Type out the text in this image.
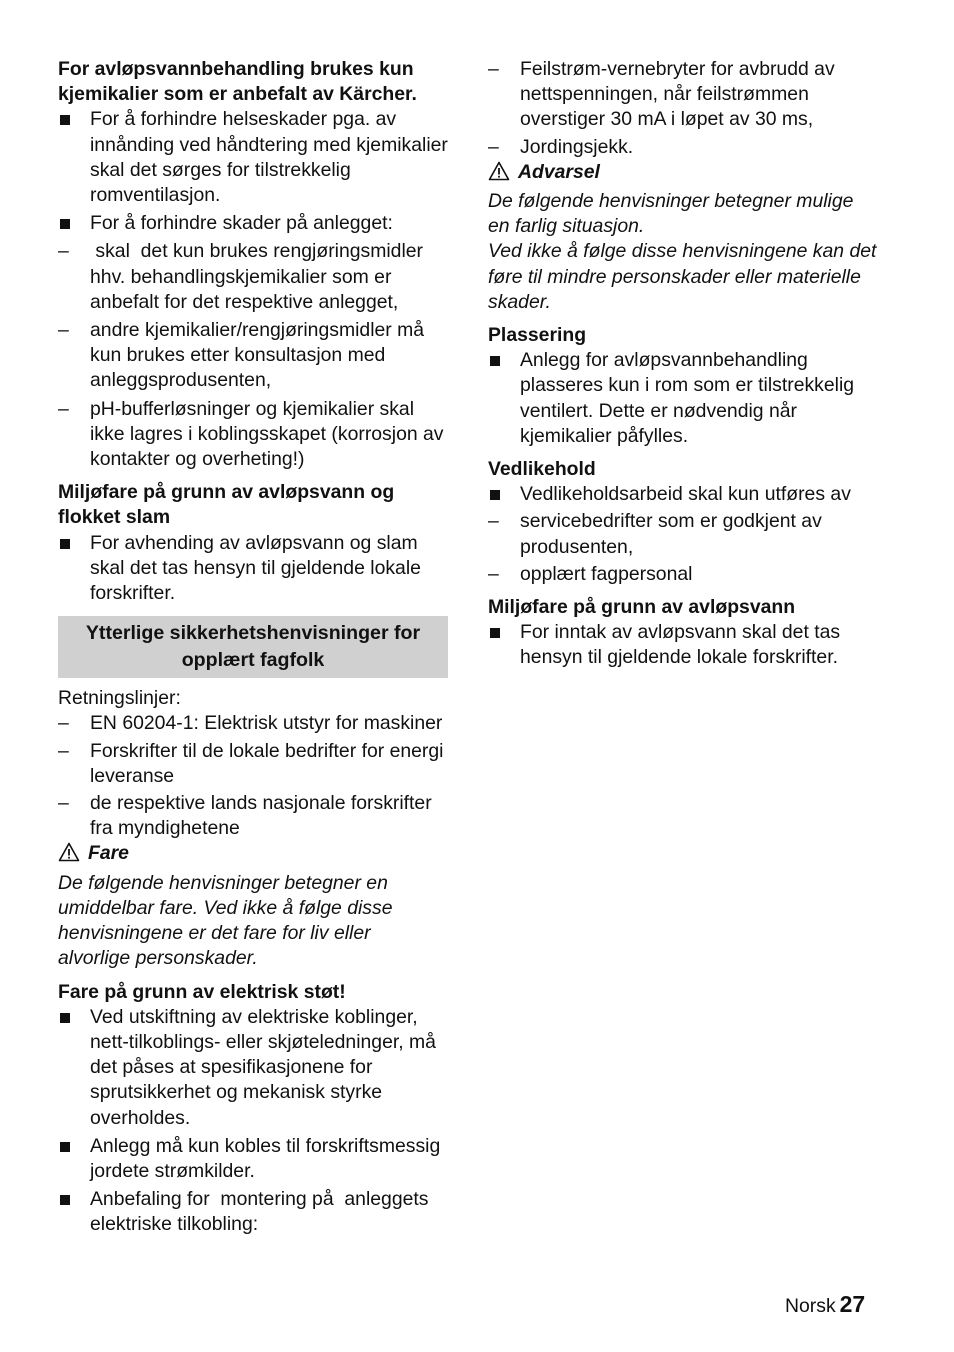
For avløpsvannbehandling brukes kun kjemikalier som er anbefalt av Kärcher.

For å forhindre helseskader pga. av innånding ved håndtering med kjemikalier skal det sørges for tilstrekkelig romventilasjon.
For å forhindre skader på anlegget:
– skal  det kun brukes rengjøringsmidler hhv. behandlingskjemikalier som er anbefalt for det respektive anlegget,
– andre kjemikalier/rengjøringsmidler må kun brukes etter konsultasjon med anleggsprodusenten,
– pH-bufferløsninger og kjemikalier skal ikke lagres i koblingsskapet (korrosjon av kontakter og overheting!)

Miljøfare på grunn av avløpsvann og flokket slam

For avhending av avløpsvann og slam skal det tas hensyn til gjeldende lokale forskrifter.
Ytterlige sikkerhetshenvisninger for
opplært fagfolk

Retningslinjer:

– EN 60204-1: Elektrisk utstyr for maskiner
– Forskrifter til de lokale bedrifter for energi leveranse
– de respektive lands nasjonale forskrifter fra myndighetene

Fare

De følgende henvisninger betegner en umiddelbar fare. Ved ikke å følge disse henvisningene er det fare for liv eller alvorlige personskader.

Fare på grunn av elektrisk støt!

Ved utskiftning av elektriske koblinger, nett-tilkoblings- eller skjøteledninger, må det påses at spesifikasjonene for sprutsikkerhet og mekanisk styrke overholdes.
Anlegg må kun kobles til forskriftsmessig jordete strømkilder.
Anbefaling for  montering på  anleggets elektriske tilkobling:
– Feilstrøm-vernebryter for avbrudd av nettspenningen, når feilstrømmen overstiger 30 mA i løpet av 30 ms,
– Jordingsjekk.

Advarsel

De følgende henvisninger betegner mulige en farlig situasjon.

Ved ikke å følge disse henvisningene kan det føre til mindre personskader eller materielle skader.

Plassering

Anlegg for avløpsvannbehandling plasseres kun i rom som er tilstrekkelig ventilert. Dette er nødvendig når kjemikalier påfylles.

Vedlikehold

Vedlikeholdsarbeid skal kun utføres av
– servicebedrifter som er godkjent av produsenten,
– opplært fagpersonal

Miljøfare på grunn av avløpsvann

For inntak av avløpsvann skal det tas hensyn til gjeldende lokale forskrifter.
Norsk 27
